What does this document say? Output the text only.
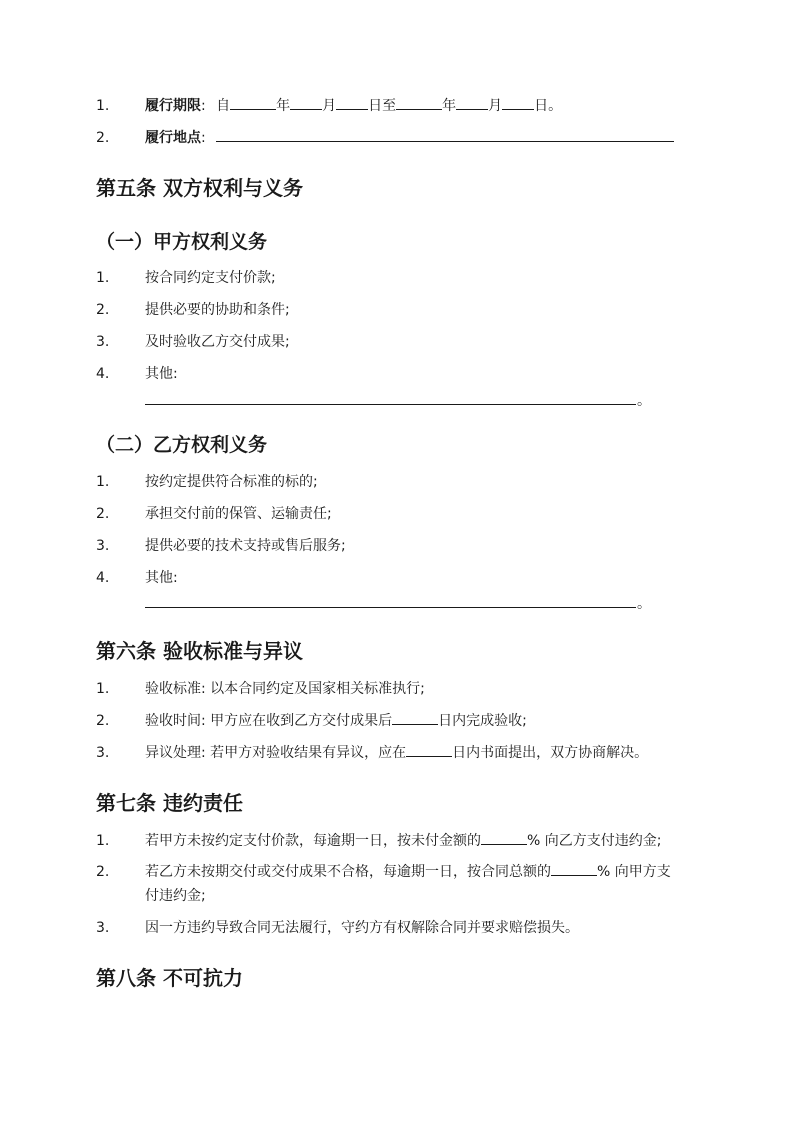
1.	履行期限: 自	年 月 日至	年 月 日。
2.	履行地点:
第五条 双方权利与义务
（一）甲方权利义务
1.	按合同约定支付价款;
2.	提供必要的协助和条件;
3.	及时验收乙方交付成果;
4.	其他:
。
（二）乙方权利义务
1.	按约定提供符合标准的标的;
2.	承担交付前的保管、运输责任;
3.	提供必要的技术支持或售后服务;
4.	其他:
。
第六条 验收标准与异议
1.	验收标准: 以本合同约定及国家相关标准执行;
2.	验收时间: 甲方应在收到乙方交付成果后	日内完成验收;
3.	异议处理: 若甲方对验收结果有异议，应在	日内书面提出，双方协商解决。
第七条 违约责任
1.	若甲方未按约定支付价款，每逾期一日，按未付金额的	% 向乙方支付违约金;
2.	若乙方未按期交付或交付成果不合格，每逾期一日，按合同总额的	% 向甲方支
付违约金;
3.	因一方违约导致合同无法履行，守约方有权解除合同并要求赔偿损失。
第八条 不可抗力
